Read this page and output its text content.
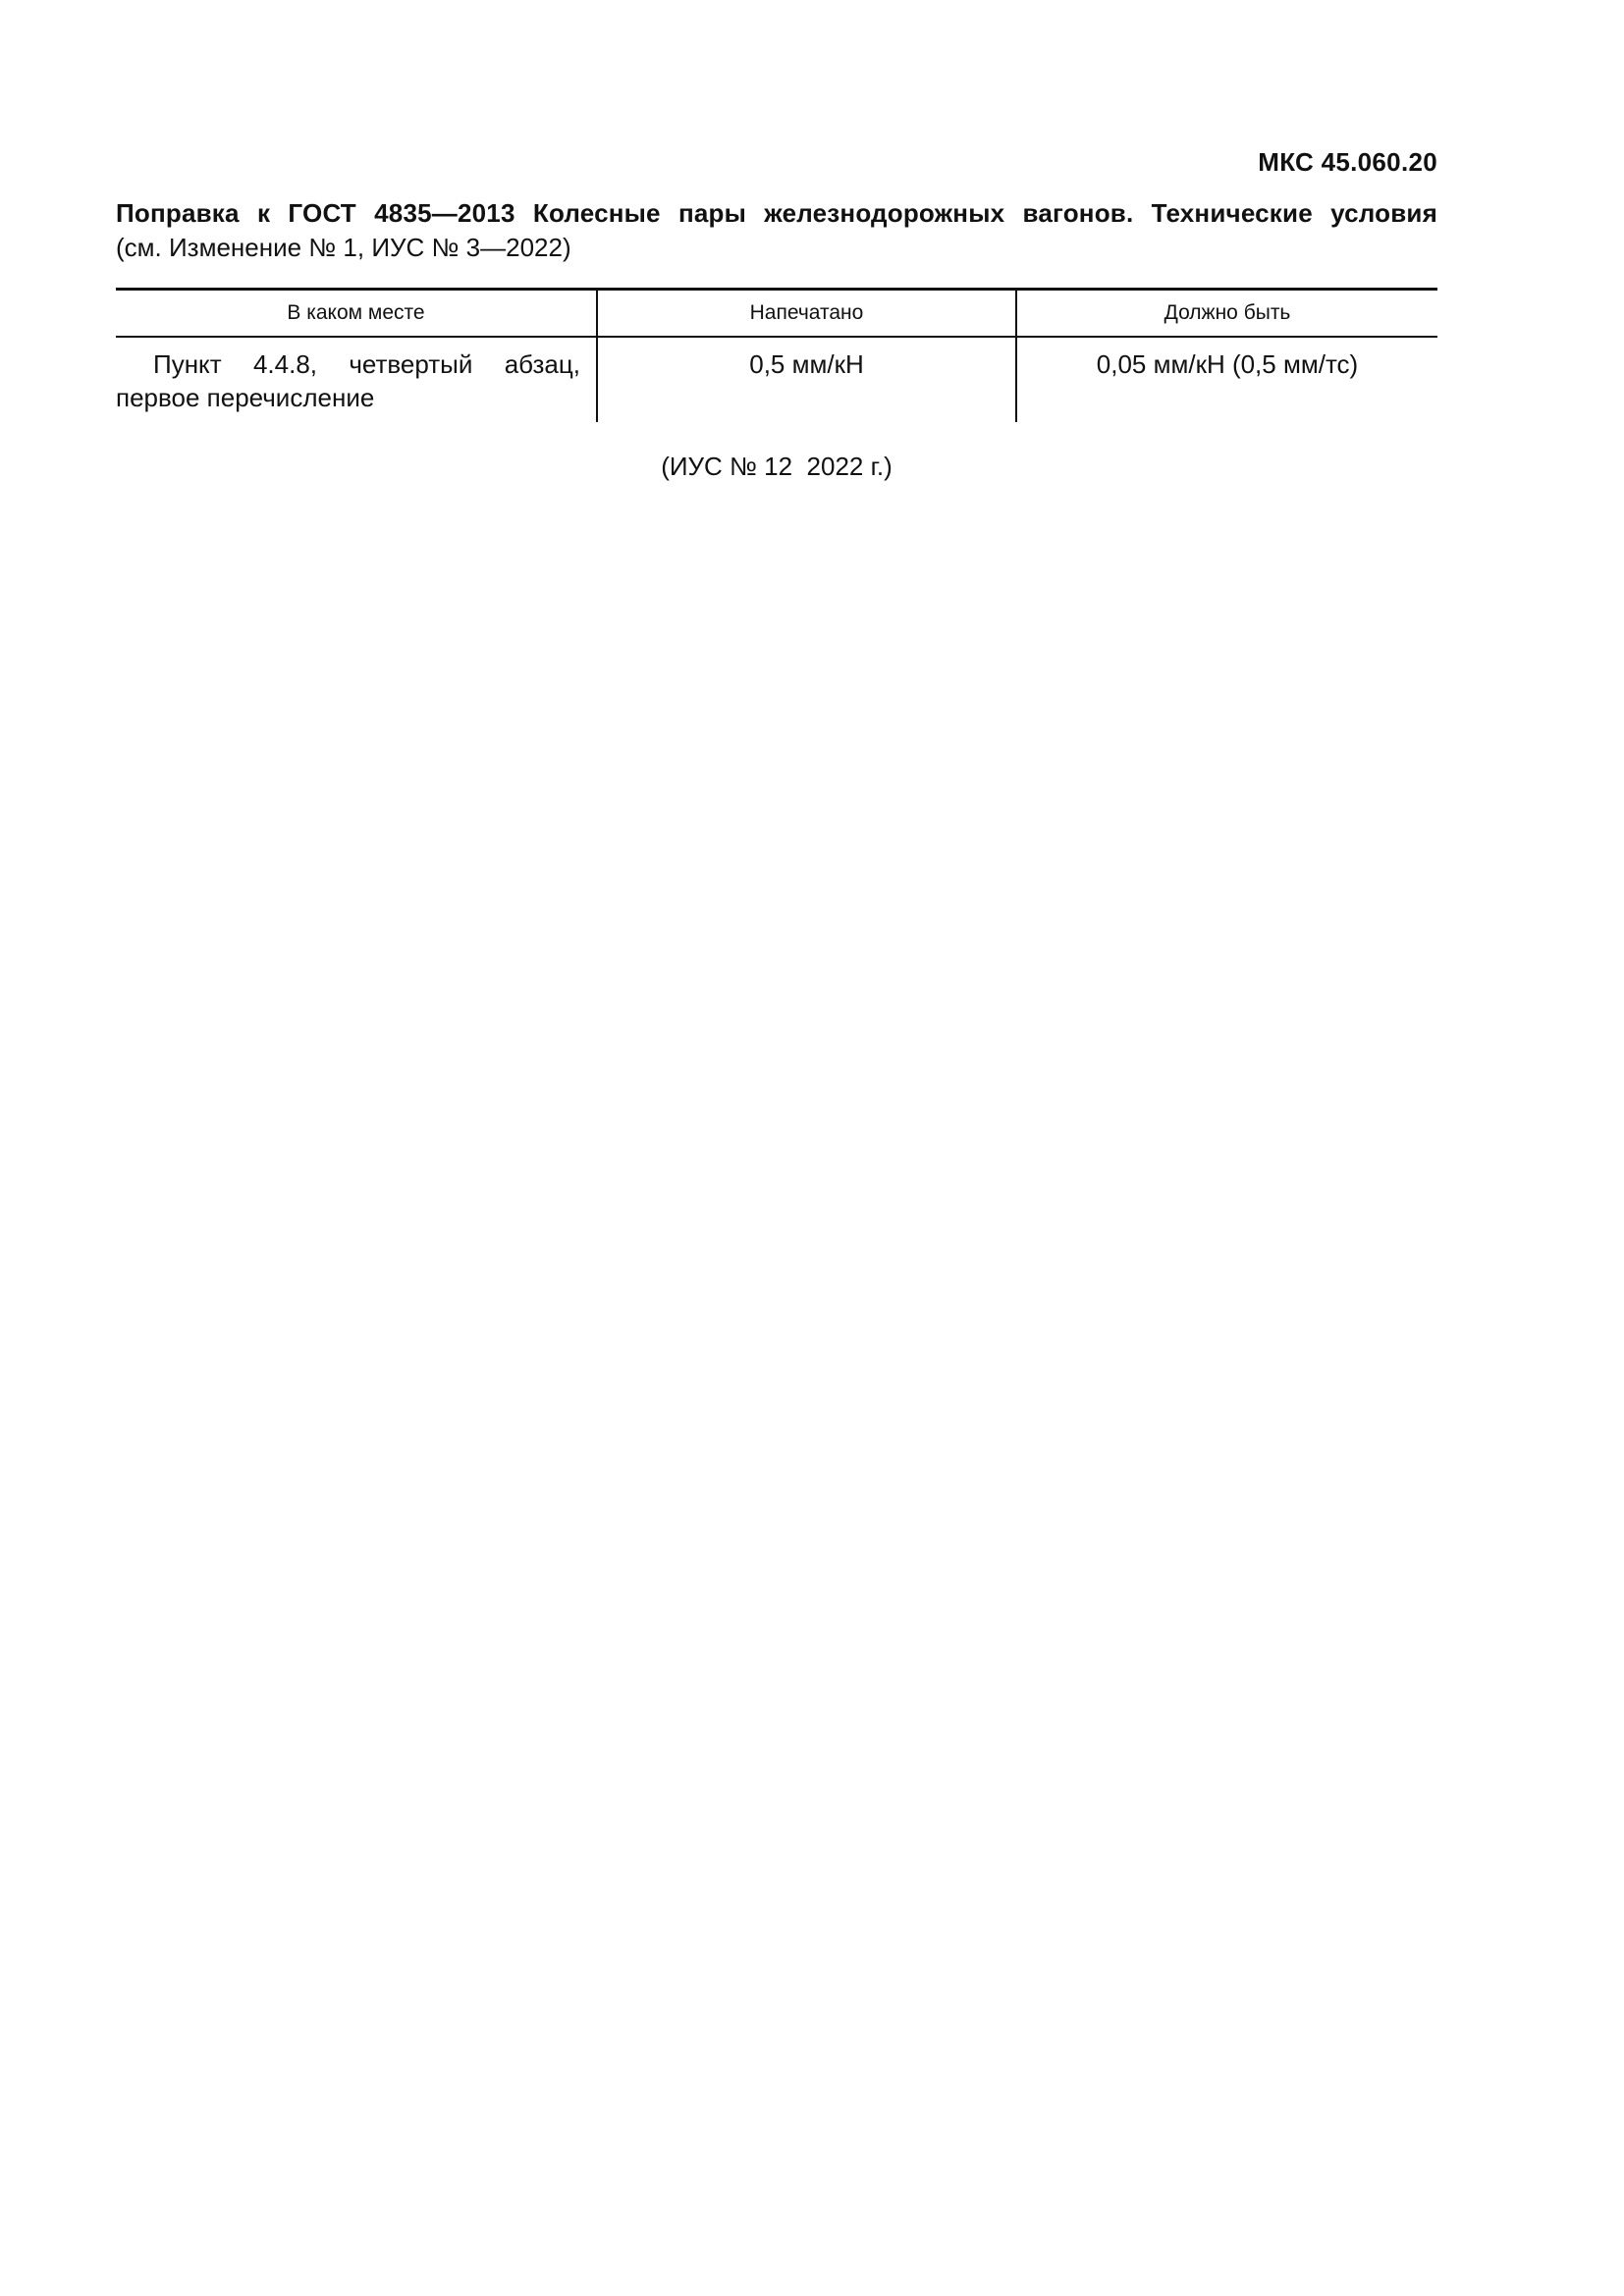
МКС 45.060.20
Поправка к ГОСТ 4835—2013 Колесные пары железнодорожных вагонов. Технические условия
(см. Изменение № 1, ИУС № 3—2022)
В каком месте	Напечатано	Должно быть
Пункт 4.4.8, четвертый абзац, первое перечисление	0,5 мм/кН	0,05 мм/кН (0,5 мм/тс)
(ИУС № 12  2022 г.)
